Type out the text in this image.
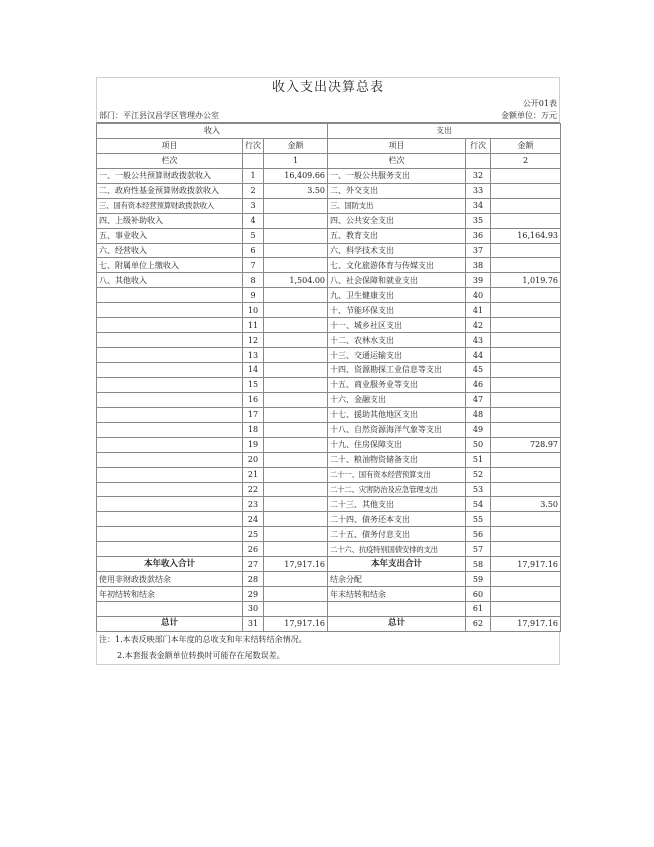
收入支出决算总表
公开01表
部门：平江县汉昌学区管理办公室	金额单位：万元
收入			支出		
项目	行次	金额	项目	行次	金额
栏次		1	栏次		2
一、一般公共预算财政拨款收入	1	16,409.66	一、一般公共服务支出	32	
二、政府性基金预算财政拨款收入	2	3.50	二、外交支出	33	
三、国有资本经营预算财政拨款收入	3		三、国防支出	34	
四、上级补助收入	4		四、公共安全支出	35	
五、事业收入	5		五、教育支出	36	16,164.93
六、经营收入	6		六、科学技术支出	37	
七、附属单位上缴收入	7		七、文化旅游体育与传媒支出	38	
八、其他收入	8	1,504.00	八、社会保障和就业支出	39	1,019.76
	9		九、卫生健康支出	40	
	10		十、节能环保支出	41	
	11		十一、城乡社区支出	42	
	12		十二、农林水支出	43	
	13		十三、交通运输支出	44	
	14		十四、资源勘探工业信息等支出	45	
	15		十五、商业服务业等支出	46	
	16		十六、金融支出	47	
	17		十七、援助其他地区支出	48	
	18		十八、自然资源海洋气象等支出	49	
	19		十九、住房保障支出	50	728.97
	20		二十、粮油物资储备支出	51	
	21		二十一、国有资本经营预算支出	52	
	22		二十二、灾害防治及应急管理支出	53	
	23		二十三、其他支出	54	3.50
	24		二十四、债务还本支出	55	
	25		二十五、债务付息支出	56	
	26		二十六、抗疫特别国债安排的支出	57	
本年收入合计	27	17,917.16	本年支出合计	58	17,917.16
使用非财政拨款结余	28		结余分配	59	
年初结转和结余	29		年末结转和结余	60	
	30			61	
总计	31	17,917.16	总计	62	17,917.16
注：1.本表反映部门本年度的总收支和年末结转结余情况。
2.本套报表金额单位转换时可能存在尾数误差。
